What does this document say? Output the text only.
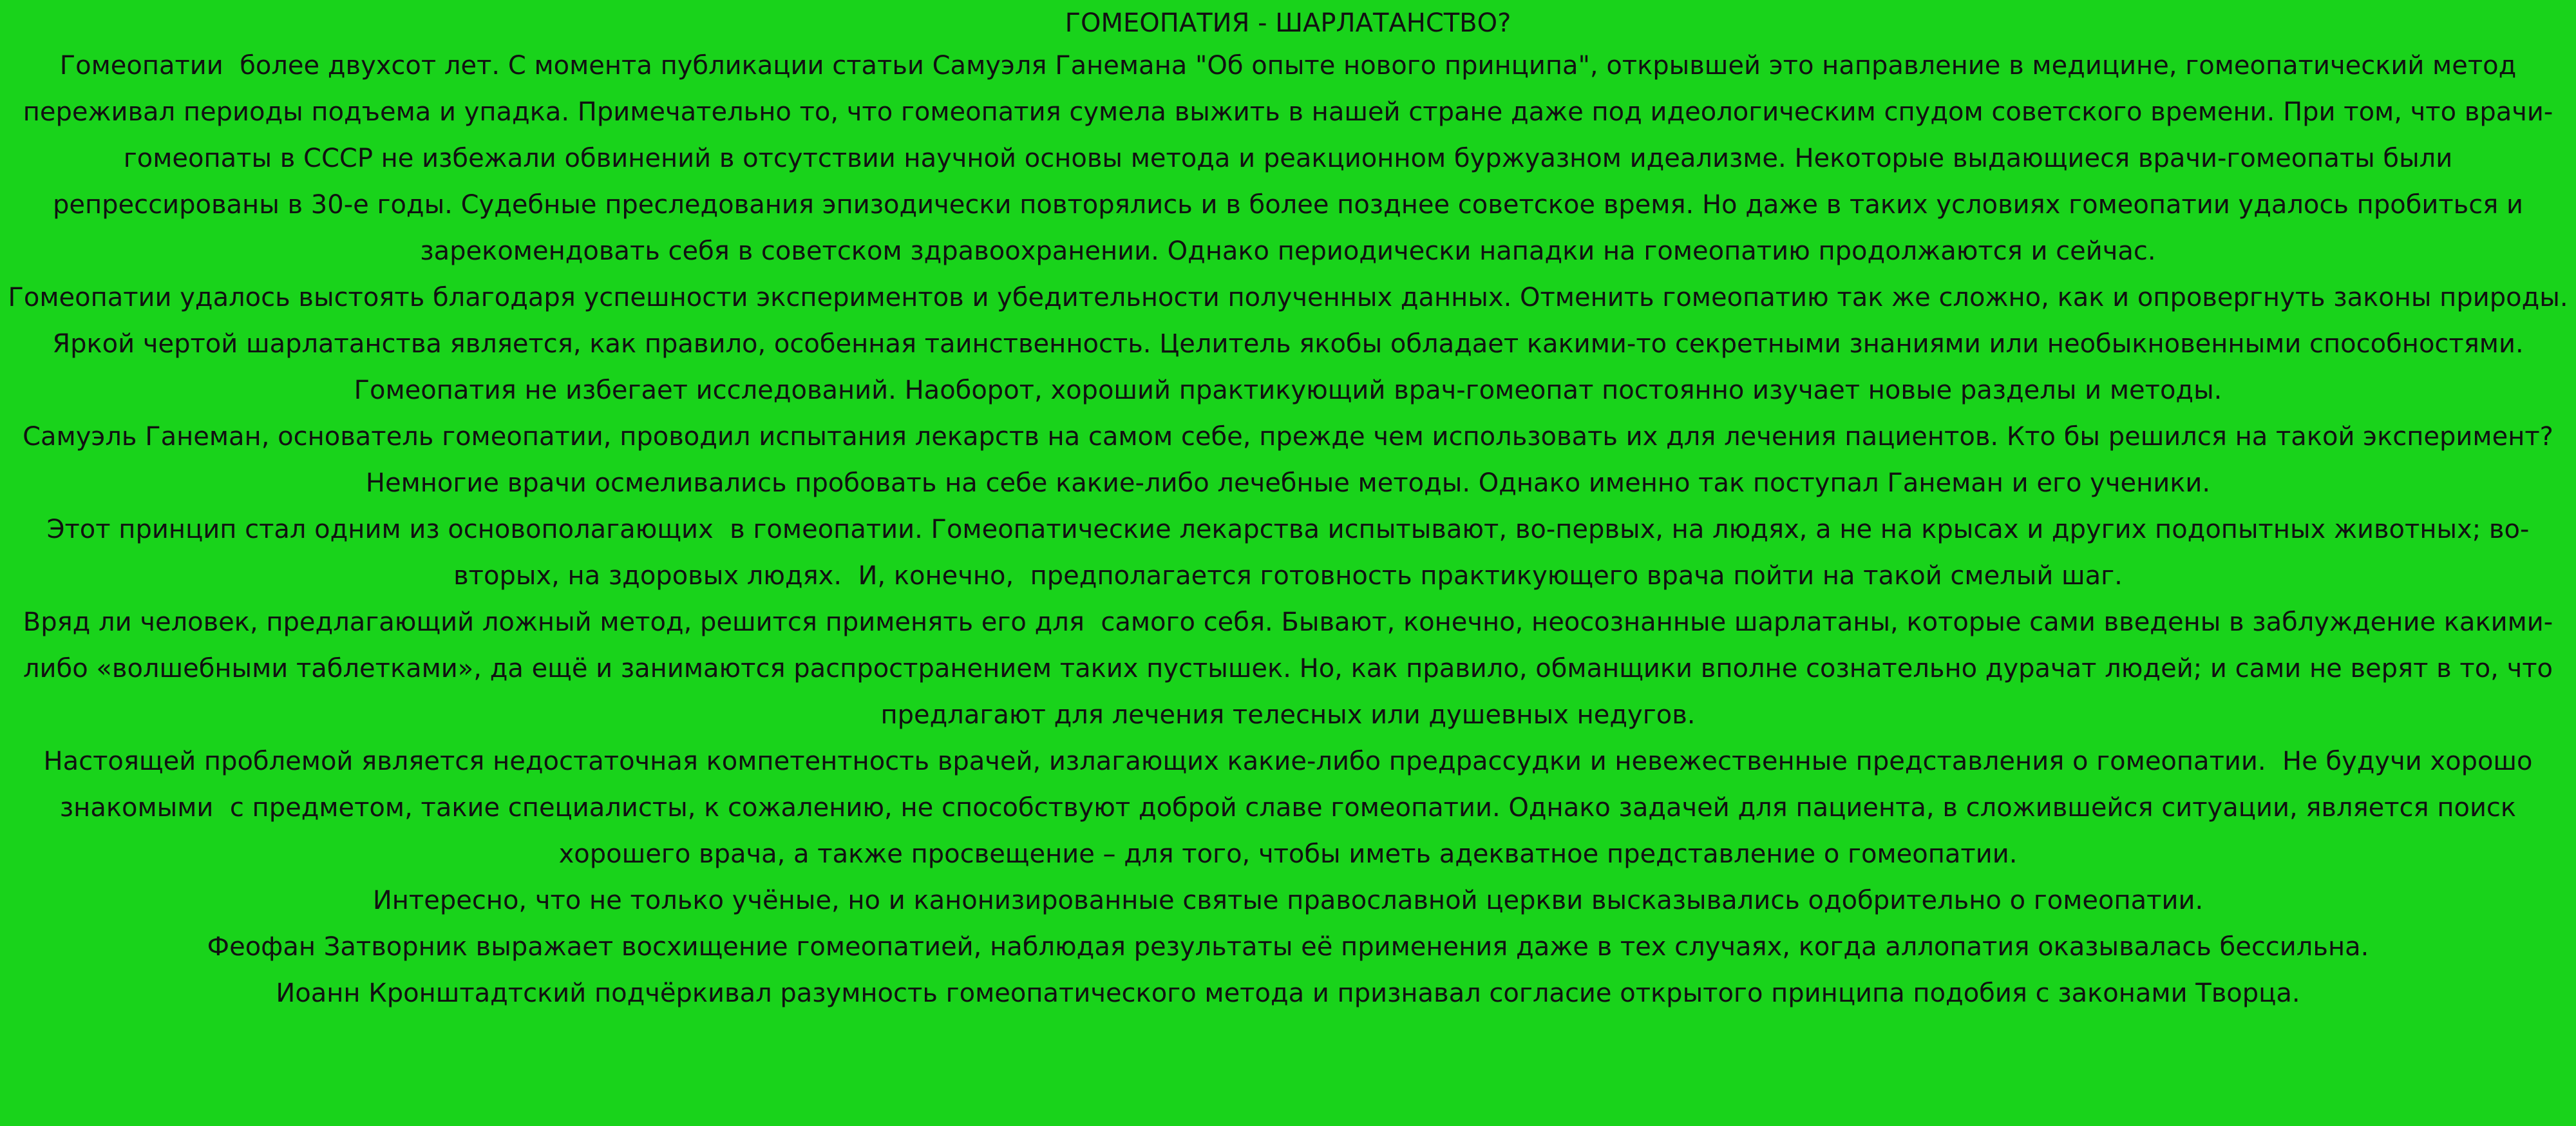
ГОМЕОПАТИЯ - ШАРЛАТАНСТВО?

Гомеопатии  более двухсот лет. С момента публикации статьи Самуэля Ганемана "Об опыте нового принципа", открывшей это направление в медицине, гомеопатический метод переживал периоды подъема и упадка. Примечательно то, что гомеопатия сумела выжить в нашей стране даже под идеологическим спудом советского времени. При том, что врачи-гомеопаты в СССР не избежали обвинений в отсутствии научной основы метода и реакционном буржуазном идеализме. Некоторые выдающиеся врачи-гомеопаты были репрессированы в 30-е годы. Судебные преследования эпизодически повторялись и в более позднее советское время. Но даже в таких условиях гомеопатии удалось пробиться и зарекомендовать себя в советском здравоохранении. Однако периодически нападки на гомеопатию продолжаются и сейчас.

Гомеопатии удалось выстоять благодаря успешности экспериментов и убедительности полученных данных. Отменить гомеопатию так же сложно, как и опровергнуть законы природы.

Яркой чертой шарлатанства является, как правило, особенная таинственность. Целитель якобы обладает какими-то секретными знаниями или необыкновенными способностями. Гомеопатия не избегает исследований. Наоборот, хороший практикующий врач-гомеопат постоянно изучает новые разделы и методы.

Самуэль Ганеман, основатель гомеопатии, проводил испытания лекарств на самом себе, прежде чем использовать их для лечения пациентов. Кто бы решился на такой эксперимент? Немногие врачи осмеливались пробовать на себе какие-либо лечебные методы. Однако именно так поступал Ганеман и его ученики.

Этот принцип стал одним из основополагающих  в гомеопатии. Гомеопатические лекарства испытывают, во-первых, на людях, а не на крысах и других подопытных животных; во-вторых, на здоровых людях.  И, конечно,  предполагается готовность практикующего врача пойти на такой смелый шаг.

Вряд ли человек, предлагающий ложный метод, решится применять его для  самого себя. Бывают, конечно, неосознанные шарлатаны, которые сами введены в заблуждение какими-либо «волшебными таблетками», да ещё и занимаются распространением таких пустышек. Но, как правило, обманщики вполне сознательно дурачат людей; и сами не верят в то, что предлагают для лечения телесных или душевных недугов.

Настоящей проблемой является недостаточная компетентность врачей, излагающих какие-либо предрассудки и невежественные представления о гомеопатии.  Не будучи хорошо знакомыми  с предметом, такие специалисты, к сожалению, не способствуют доброй славе гомеопатии. Однако задачей для пациента, в сложившейся ситуации, является поиск хорошего врача, а также просвещение – для того, чтобы иметь адекватное представление о гомеопатии.

Интересно, что не только учёные, но и канонизированные святые православной церкви высказывались одобрительно о гомеопатии.

Феофан Затворник выражает восхищение гомеопатией, наблюдая результаты её применения даже в тех случаях, когда аллопатия оказывалась бессильна.

Иоанн Кронштадтский подчёркивал разумность гомеопатического метода и признавал согласие открытого принципа подобия с законами Творца.
